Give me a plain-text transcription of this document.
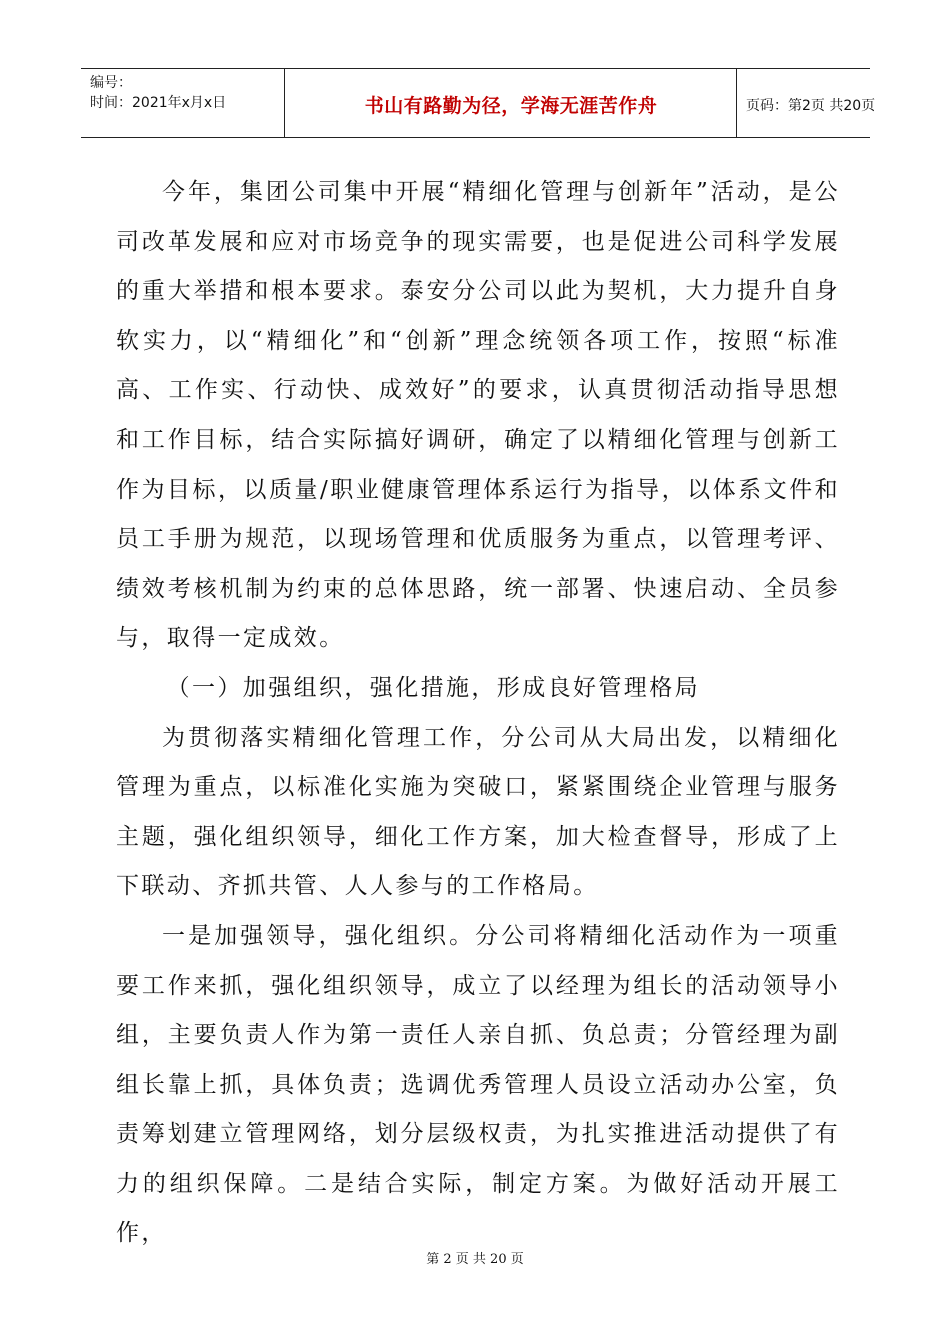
编号：
时间：2021年x月x日	书山有路勤为径，学海无涯苦作舟	页码：第2页 共20页

今年，集团公司集中开展“精细化管理与创新年”活动，是公司改革发展和应对市场竞争的现实需要，也是促进公司科学发展的重大举措和根本要求。泰安分公司以此为契机，大力提升自身软实力，以“精细化”和“创新”理念统领各项工作，按照“标准高、工作实、行动快、成效好”的要求，认真贯彻活动指导思想和工作目标，结合实际搞好调研，确定了以精细化管理与创新工作为目标，以质量/职业健康管理体系运行为指导，以体系文件和员工手册为规范，以现场管理和优质服务为重点，以管理考评、绩效考核机制为约束的总体思路，统一部署、快速启动、全员参与，取得一定成效。

（一）加强组织，强化措施，形成良好管理格局

为贯彻落实精细化管理工作，分公司从大局出发，以精细化管理为重点，以标准化实施为突破口，紧紧围绕企业管理与服务主题，强化组织领导，细化工作方案，加大检查督导，形成了上下联动、齐抓共管、人人参与的工作格局。

一是加强领导，强化组织。分公司将精细化活动作为一项重要工作来抓，强化组织领导，成立了以经理为组长的活动领导小组，主要负责人作为第一责任人亲自抓、负总责；分管经理为副组长靠上抓，具体负责；选调优秀管理人员设立活动办公室，负责筹划建立管理网络，划分层级权责，为扎实推进活动提供了有力的组织保障。二是结合实际，制定方案。为做好活动开展工作，

第 2 页 共 20 页
